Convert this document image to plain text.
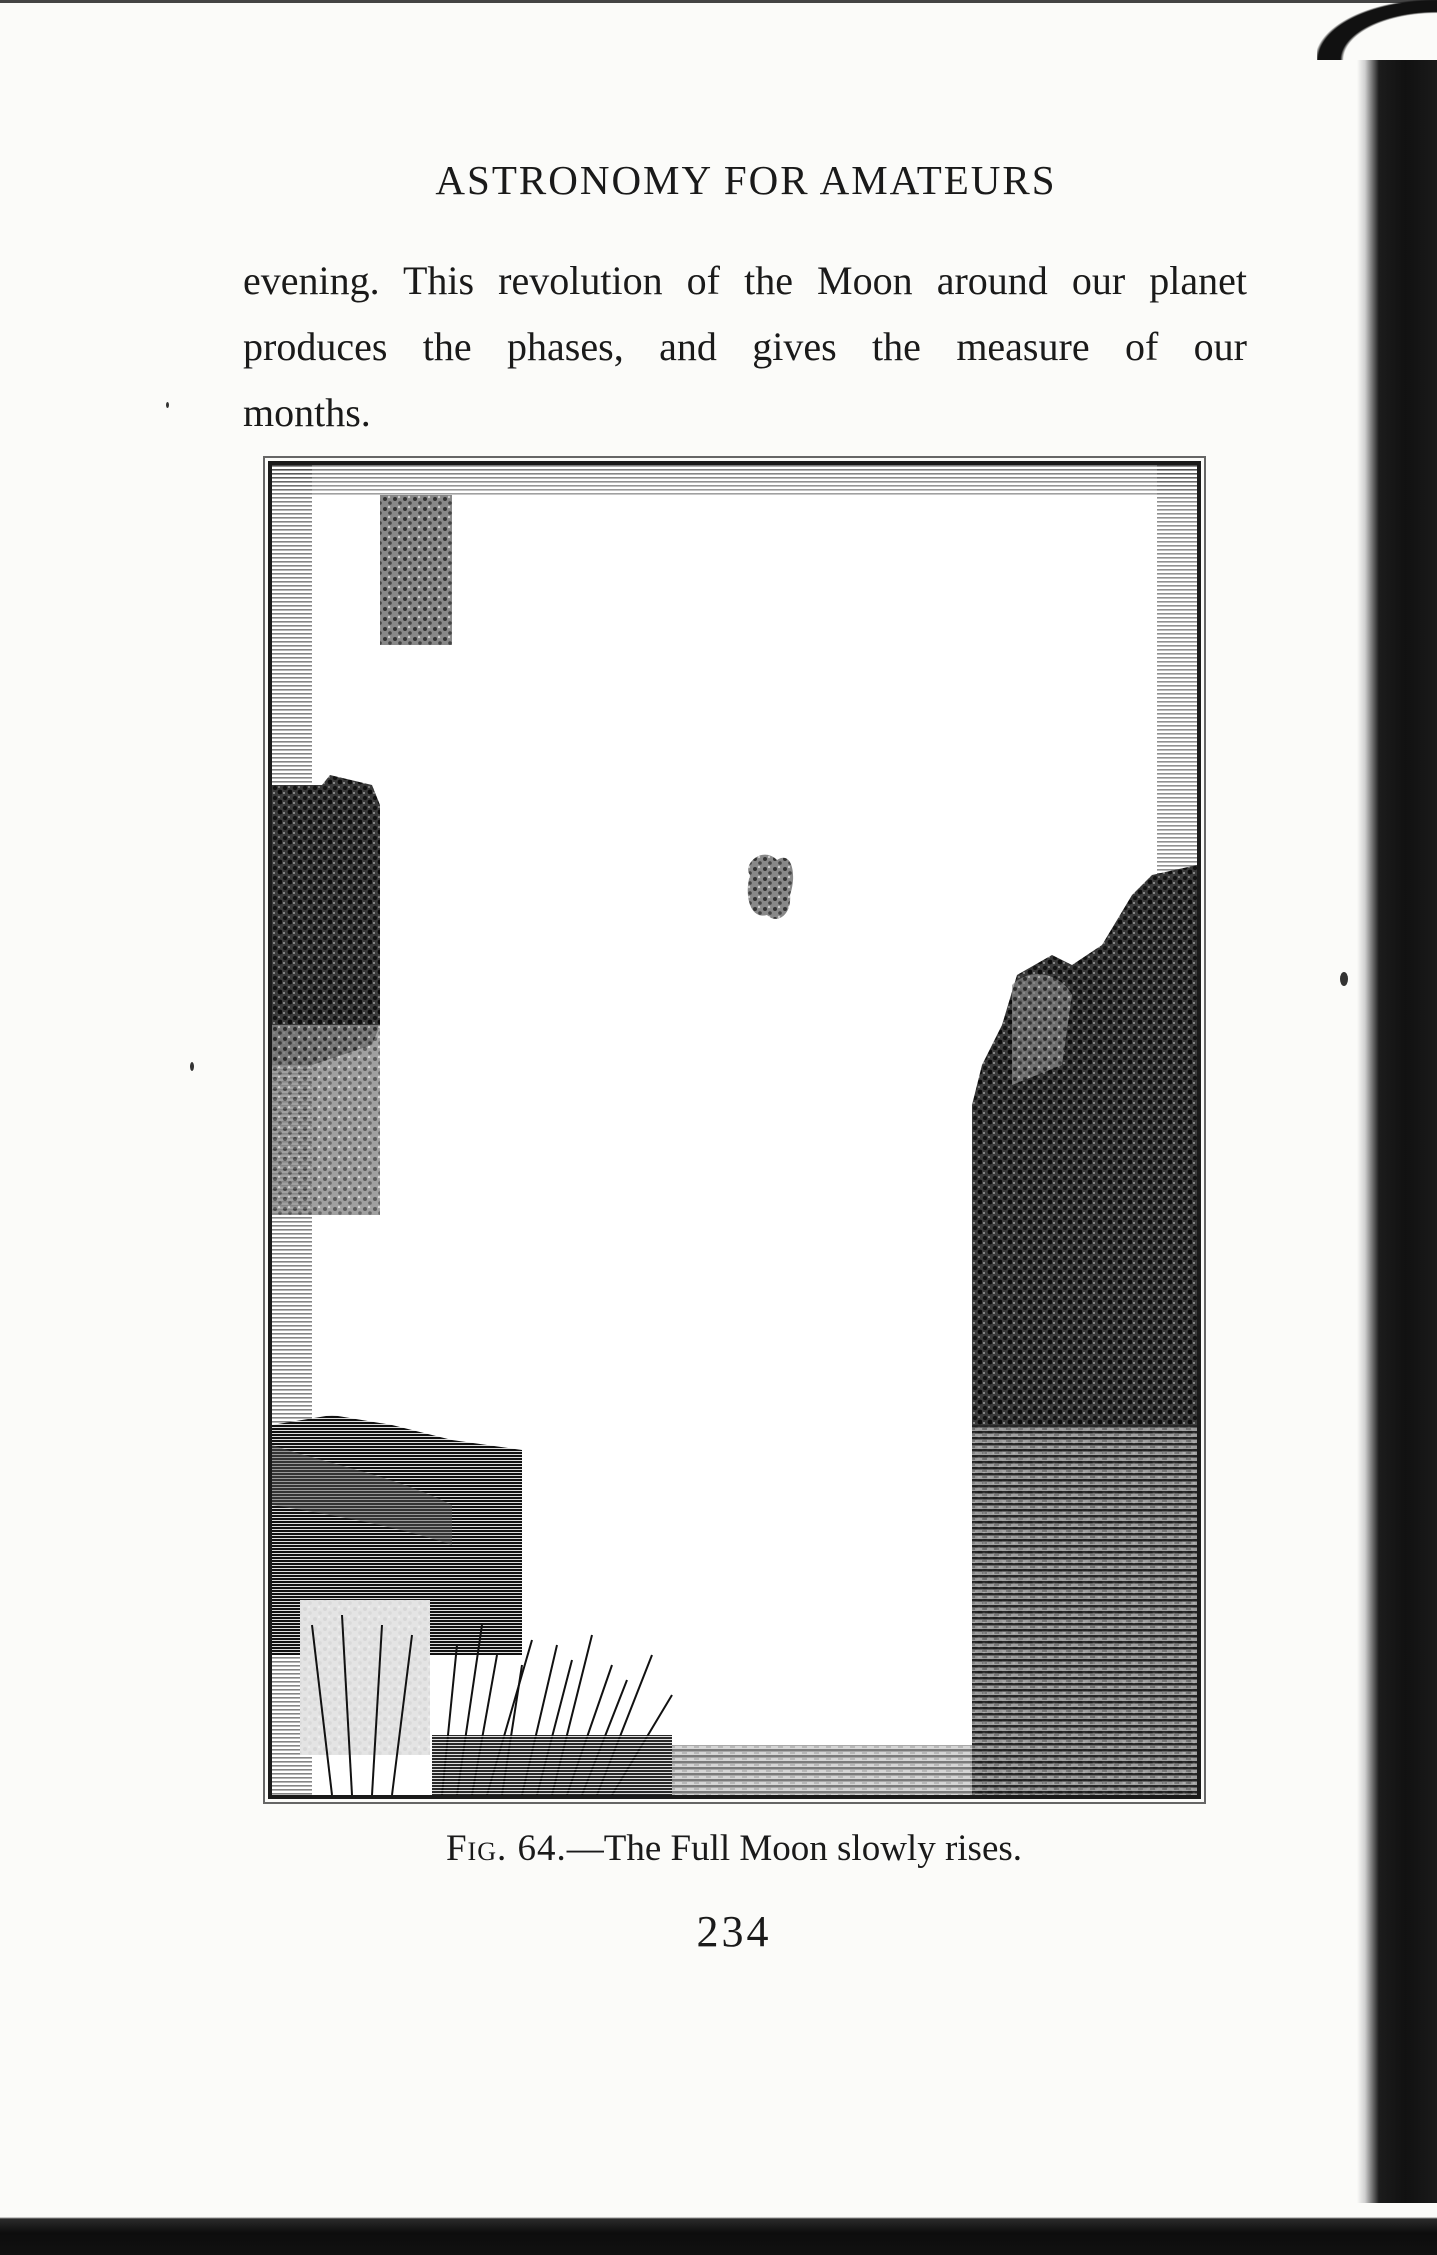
ASTRONOMY FOR AMATEURS

evening. This revolution of the Moon around our planet produces the phases, and gives the measure of our months.

Fig. 64.—The Full Moon slowly rises.
234
